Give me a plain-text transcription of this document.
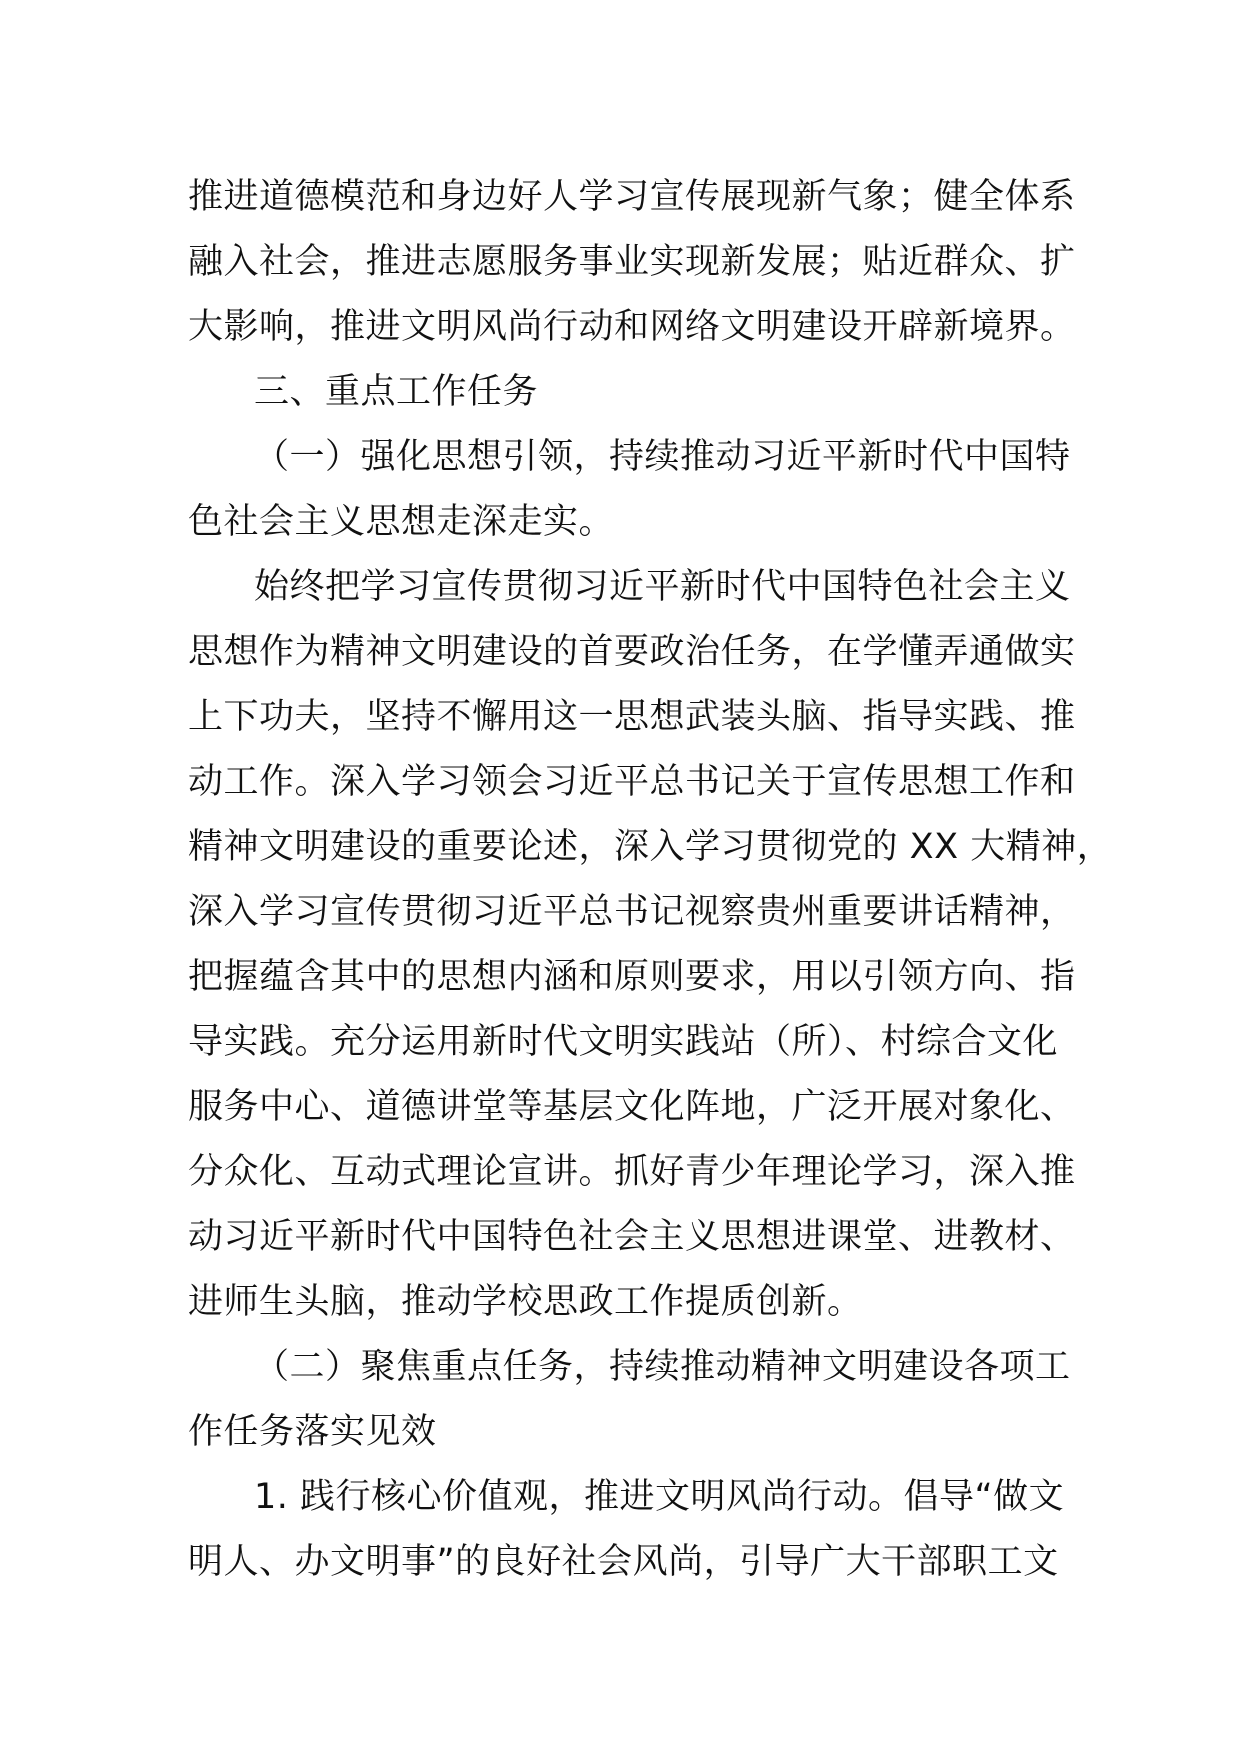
推进道德模范和身边好人学习宣传展现新气象；健全体系
融入社会，推进志愿服务事业实现新发展；贴近群众、扩
大影响，推进文明风尚行动和网络文明建设开辟新境界。
三、重点工作任务
（一）强化思想引领，持续推动习近平新时代中国特
色社会主义思想走深走实。
始终把学习宣传贯彻习近平新时代中国特色社会主义
思想作为精神文明建设的首要政治任务，在学懂弄通做实
上下功夫，坚持不懈用这一思想武装头脑、指导实践、推
动工作。深入学习领会习近平总书记关于宣传思想工作和
精神文明建设的重要论述，深入学习贯彻党的 XX 大精神，
深入学习宣传贯彻习近平总书记视察贵州重要讲话精神，
把握蕴含其中的思想内涵和原则要求，用以引领方向、指
导实践。充分运用新时代文明实践站（所）、村综合文化
服务中心、道德讲堂等基层文化阵地，广泛开展对象化、
分众化、互动式理论宣讲。抓好青少年理论学习，深入推
动习近平新时代中国特色社会主义思想进课堂、进教材、
进师生头脑，推动学校思政工作提质创新。
（二）聚焦重点任务，持续推动精神文明建设各项工
作任务落实见效
1. 践行核心价值观，推进文明风尚行动。倡导“做文
明人、办文明事”的良好社会风尚，引导广大干部职工文
